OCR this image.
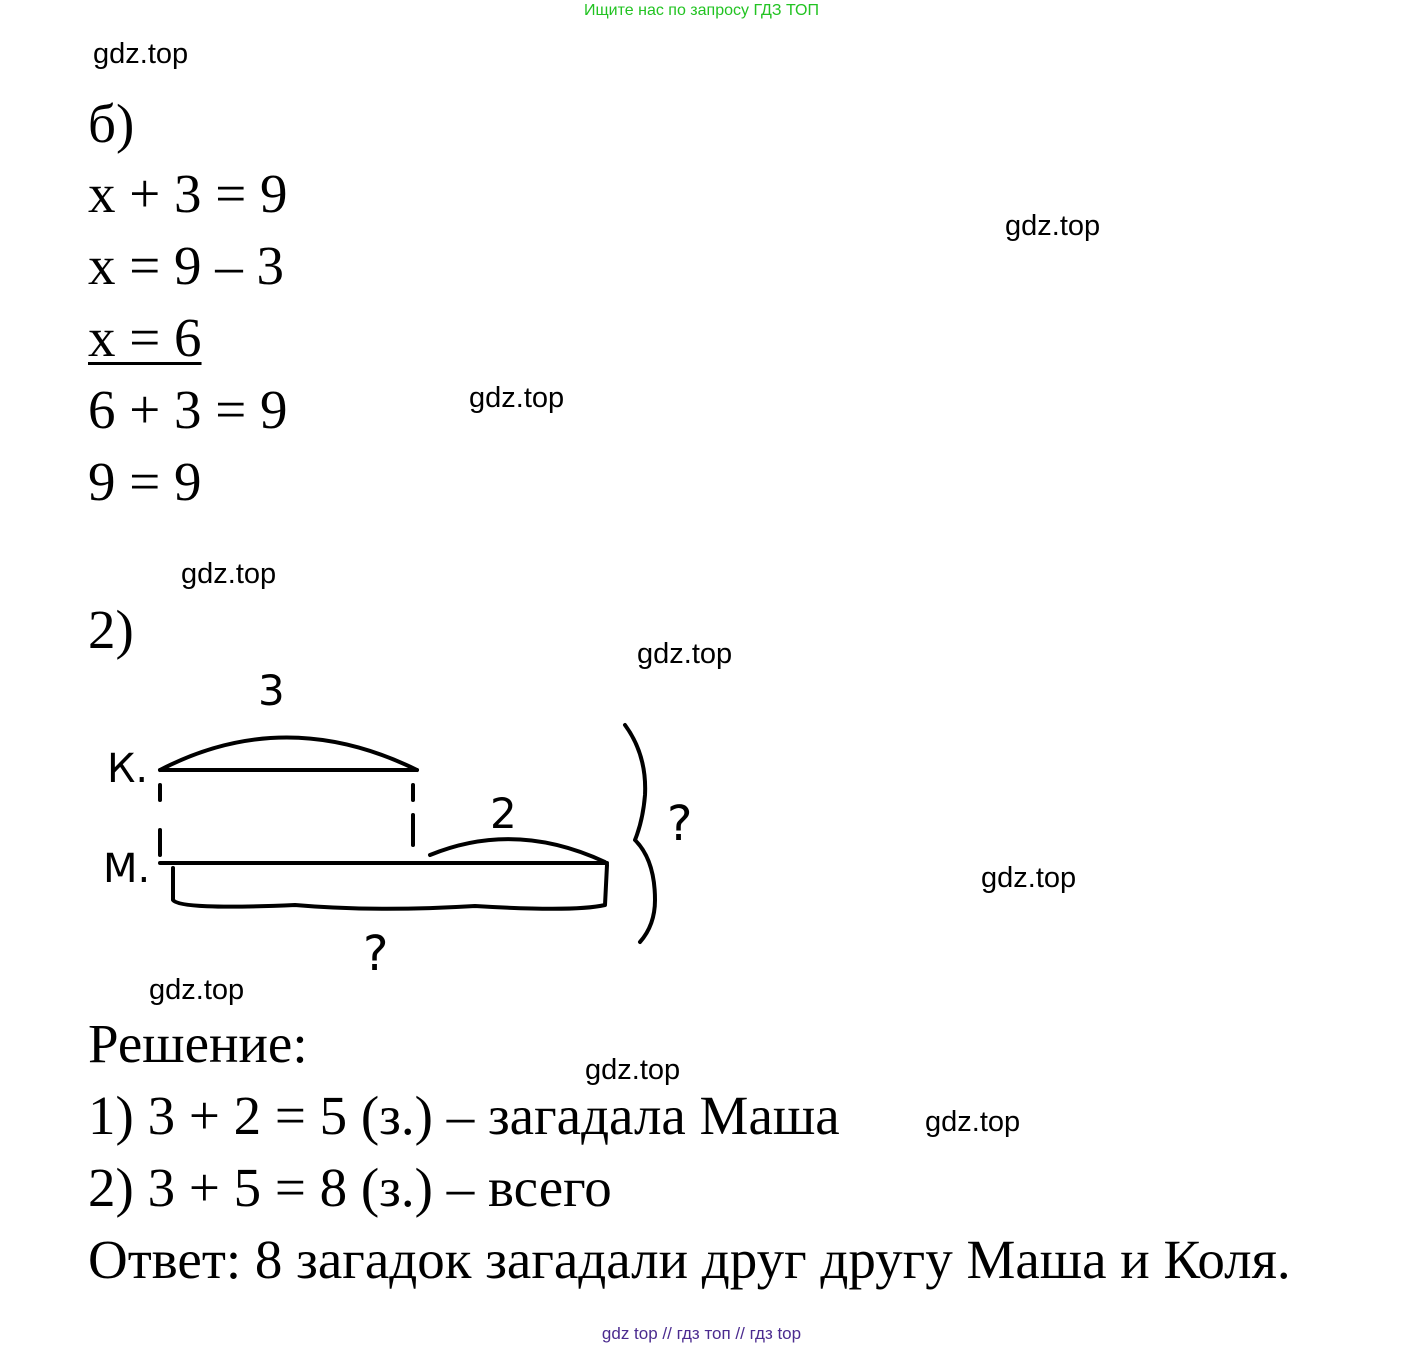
Ищите нас по запросу ГДЗ ТОП
gdz.top
gdz.top
gdz.top
gdz.top
gdz.top
gdz.top
gdz.top
gdz.top
gdz.top
б)
x + 3 = 9
x = 9 – 3
x = 6
6 + 3 = 9
9 = 9
2)
К.
М.
3
2	?
?
Решение:
1) 3 + 2 = 5 (з.) – загадала Маша
2) 3 + 5 = 8 (з.) – всего
Ответ: 8 загадок загадали друг другу Маша и Коля.
gdz top // гдз топ // гдз top
